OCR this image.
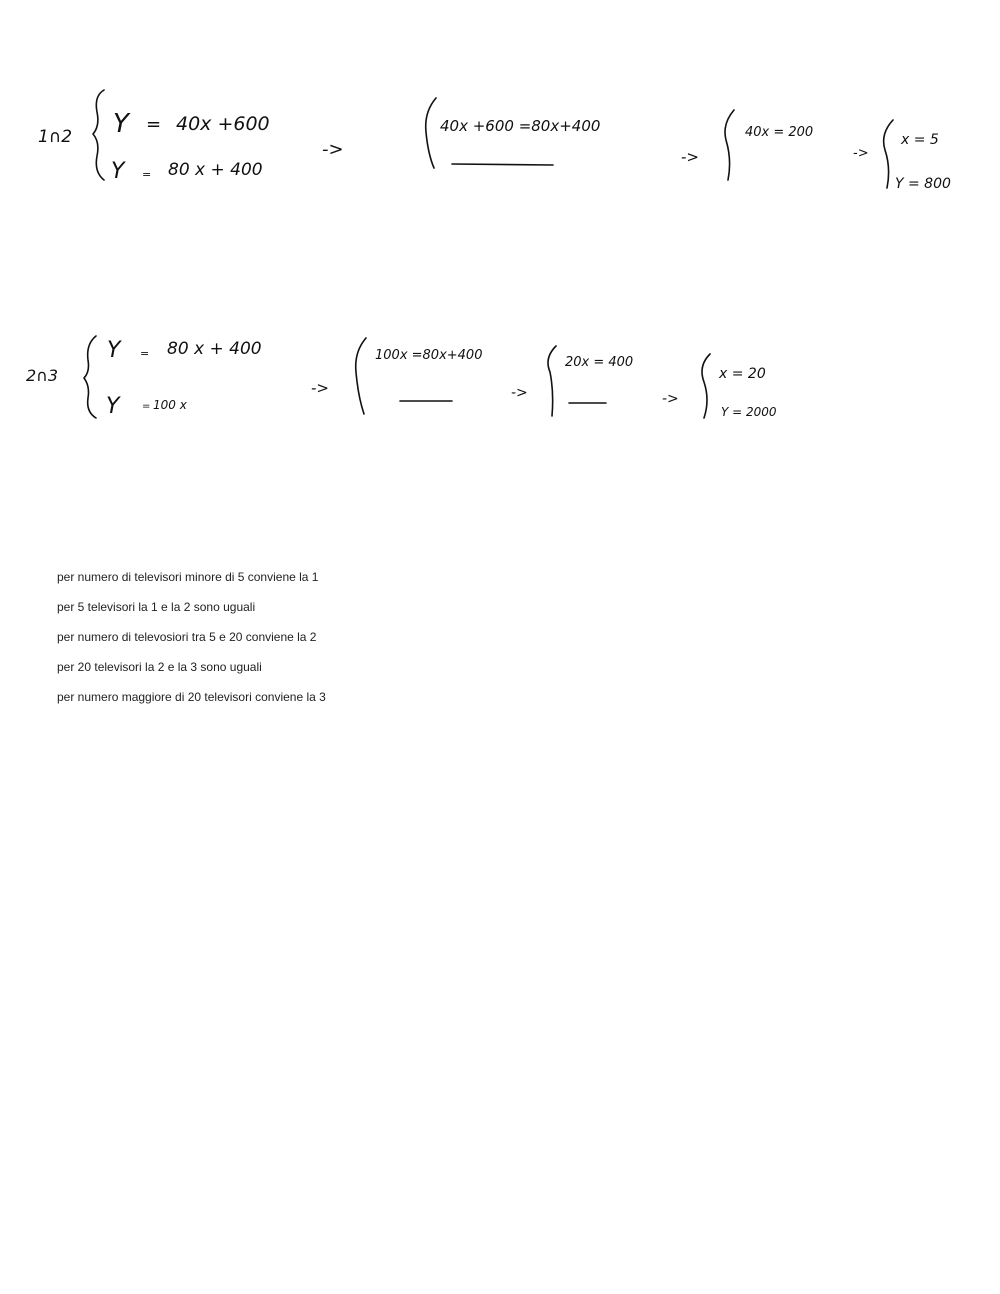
1∩2 Y = 40x +600
Y = 80 x + 400
->
40x +600 =80x+400
->
40x = 200
->
x = 5
Y = 800
2∩3
Y = 80 x + 400
Y = 100 x
->
100x =80x+400
->
20x = 400
->
x = 20
Y = 2000
per numero di televisori minore di 5 conviene la 1
per 5 televisori la 1 e la 2 sono uguali
per numero di televosiori tra 5 e 20 conviene la 2
per 20 televisori la 2 e la 3 sono uguali
per numero maggiore di 20 televisori conviene la 3
